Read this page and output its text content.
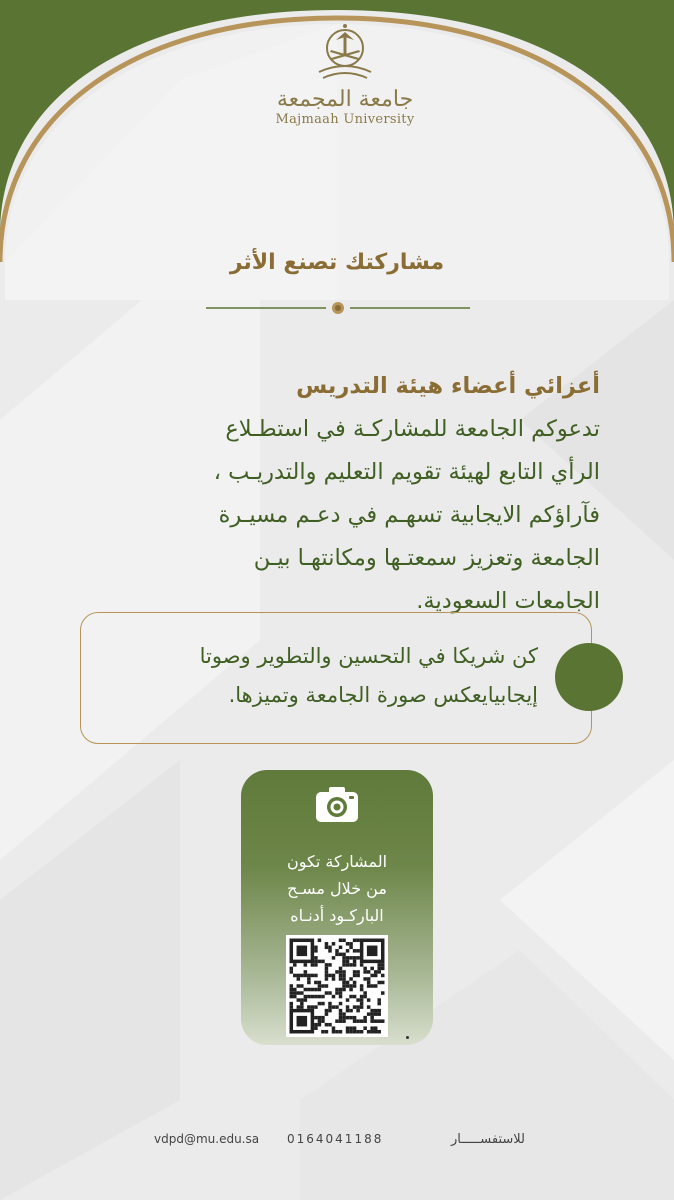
جامعة المجمعة
Majmaah University
مشاركتك تصنع الأثر
أعزائي أعضاء هيئة التدريس
تدعوكم الجامعة للمشاركـة في استطـلاع
الرأي التابع لهيئة تقويم التعليم والتدريـب ،
فآراؤكم الايجابية تسهـم في دعـم مسيـرة
الجامعة وتعزيز سمعتـها ومكانتهـا بيـن
الجامعات السعودية.
كن شريكا في التحسين والتطوير وصوتا
إيجابيايعكس صورة الجامعة وتميزها.
المشاركة تكون
من خلال مسـح
الباركـود أدنـاه
للاستفســـــار
0164041188
vdpd@mu.edu.sa
